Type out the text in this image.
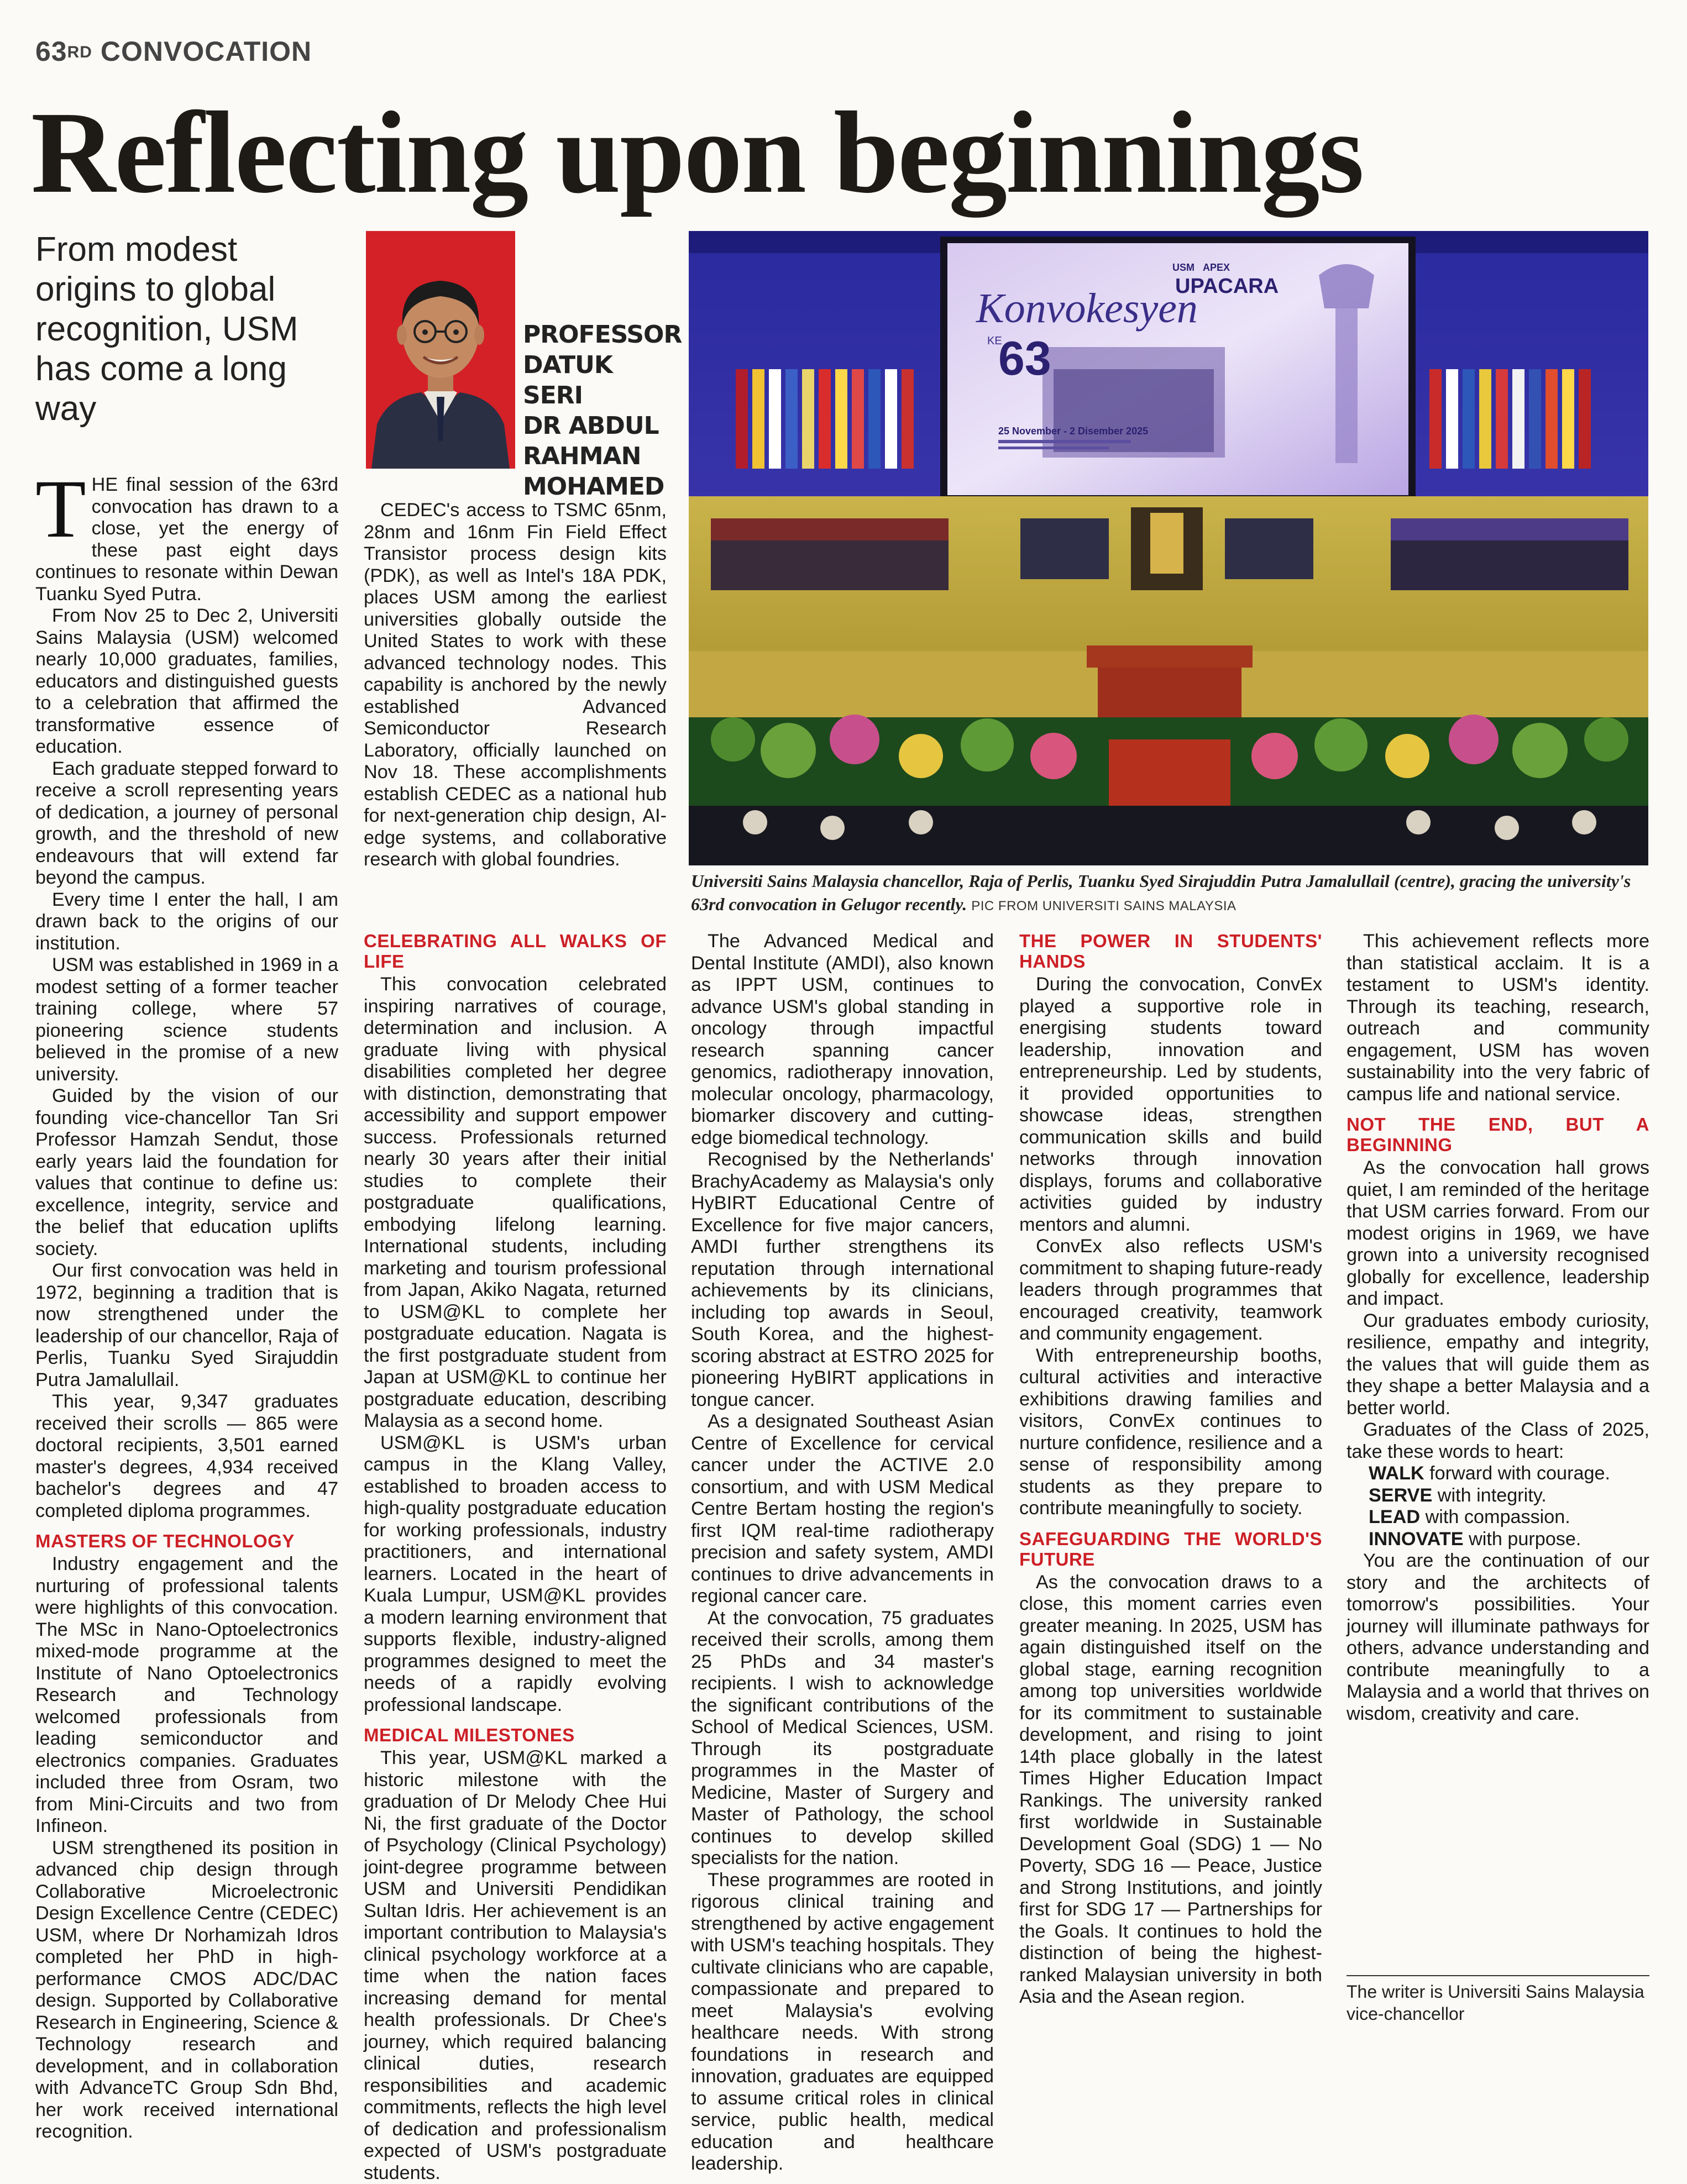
63RD CONVOCATION
Reflecting upon beginnings
From modest origins to global recognition, USM has come a long way
PROFESSOR
DATUK SERI
DR ABDUL
RAHMAN
MOHAMED
USM APEX
UPACARA
Konvokesyen
KE
63
25 November - 2 Disember 2025
Universiti Sains Malaysia chancellor, Raja of Perlis, Tuanku Syed Sirajuddin Putra Jamalullail (centre), gracing the university's 63rd convocation in Gelugor recently. PIC FROM UNIVERSITI SAINS MALAYSIA

THE final session of the 63rd convocation has drawn to a close, yet the energy of these past eight days continues to resonate within Dewan Tuanku Syed Putra.

From Nov 25 to Dec 2, Universiti Sains Malaysia (USM) welcomed nearly 10,000 graduates, families, educators and distinguished guests to a celebration that affirmed the transformative essence of education.

Each graduate stepped forward to receive a scroll representing years of dedication, a journey of personal growth, and the threshold of new endeavours that will extend far beyond the campus.

Every time I enter the hall, I am drawn back to the origins of our institution.

USM was established in 1969 in a modest setting of a former teacher training college, where 57 pioneering science students believed in the promise of a new university.

Guided by the vision of our founding vice-chancellor Tan Sri Professor Hamzah Sendut, those early years laid the foundation for values that continue to define us: excellence, integrity, service and the belief that education uplifts society.

Our first convocation was held in 1972, beginning a tradition that is now strengthened under the leadership of our chancellor, Raja of Perlis, Tuanku Syed Sirajuddin Putra Jamalullail.

This year, 9,347 graduates received their scrolls — 865 were doctoral recipients, 3,501 earned master's degrees, 4,934 received bachelor's degrees and 47 completed diploma programmes.

MASTERS OF TECHNOLOGY

Industry engagement and the nurturing of professional talents were highlights of this convocation. The MSc in Nano-Optoelectronics mixed-mode programme at the Institute of Nano Optoelectronics Research and Technology welcomed professionals from leading semiconductor and electronics companies. Graduates included three from Osram, two from Mini-Circuits and two from Infineon.

USM strengthened its position in advanced chip design through Collaborative Microelectronic Design Excellence Centre (CEDEC) USM, where Dr Norhamizah Idros completed her PhD in high-performance CMOS ADC/DAC design. Supported by Collaborative Research in Engineering, Science & Technology research and development, and in collaboration with AdvanceTC Group Sdn Bhd, her work received international recognition.

CEDEC's access to TSMC 65nm, 28nm and 16nm Fin Field Effect Transistor process design kits (PDK), as well as Intel's 18A PDK, places USM among the earliest universities globally outside the United States to work with these advanced technology nodes. This capability is anchored by the newly established Advanced Semiconductor Research Laboratory, officially launched on Nov 18. These accomplishments establish CEDEC as a national hub for next-generation chip design, AI-edge systems, and collaborative research with global foundries.

CELEBRATING ALL WALKS OF LIFE

This convocation celebrated inspiring narratives of courage, determination and inclusion. A graduate living with physical disabilities completed her degree with distinction, demonstrating that accessibility and support empower success. Professionals returned nearly 30 years after their initial studies to complete their postgraduate qualifications, embodying lifelong learning. International students, including marketing and tourism professional from Japan, Akiko Nagata, returned to USM@KL to complete her postgraduate education. Nagata is the first postgraduate student from Japan at USM@KL to continue her postgraduate education, describing Malaysia as a second home.

USM@KL is USM's urban campus in the Klang Valley, established to broaden access to high-quality postgraduate education for working professionals, industry practitioners, and international learners. Located in the heart of Kuala Lumpur, USM@KL provides a modern learning environment that supports flexible, industry-aligned programmes designed to meet the needs of a rapidly evolving professional landscape.

MEDICAL MILESTONES

This year, USM@KL marked a historic milestone with the graduation of Dr Melody Chee Hui Ni, the first graduate of the Doctor of Psychology (Clinical Psychology) joint-degree programme between USM and Universiti Pendidikan Sultan Idris. Her achievement is an important contribution to Malaysia's clinical psychology workforce at a time when the nation faces increasing demand for mental health professionals. Dr Chee's journey, which required balancing clinical duties, research responsibilities and academic commitments, reflects the high level of dedication and professionalism expected of USM's postgraduate students.

The Advanced Medical and Dental Institute (AMDI), also known as IPPT USM, continues to advance USM's global standing in oncology through impactful research spanning cancer genomics, radiotherapy innovation, molecular oncology, pharmacology, biomarker discovery and cutting-edge biomedical technology.

Recognised by the Netherlands' BrachyAcademy as Malaysia's only HyBIRT Educational Centre of Excellence for five major cancers, AMDI further strengthens its reputation through international achievements by its clinicians, including top awards in Seoul, South Korea, and the highest-scoring abstract at ESTRO 2025 for pioneering HyBIRT applications in tongue cancer.

As a designated Southeast Asian Centre of Excellence for cervical cancer under the ACTIVE 2.0 consortium, and with USM Medical Centre Bertam hosting the region's first IQM real-time radiotherapy precision and safety system, AMDI continues to drive advancements in regional cancer care.

At the convocation, 75 graduates received their scrolls, among them 25 PhDs and 34 master's recipients. I wish to acknowledge the significant contributions of the School of Medical Sciences, USM. Through its postgraduate programmes in the Master of Medicine, Master of Surgery and Master of Pathology, the school continues to develop skilled specialists for the nation.

These programmes are rooted in rigorous clinical training and strengthened by active engagement with USM's teaching hospitals. They cultivate clinicians who are capable, compassionate and prepared to meet Malaysia's evolving healthcare needs. With strong foundations in research and innovation, graduates are equipped to assume critical roles in clinical service, public health, medical education and healthcare leadership.

THE POWER IN STUDENTS' HANDS

During the convocation, ConvEx played a supportive role in energising students toward leadership, innovation and entrepreneurship. Led by students, it provided opportunities to showcase ideas, strengthen communication skills and build networks through innovation displays, forums and collaborative activities guided by industry mentors and alumni.

ConvEx also reflects USM's commitment to shaping future-ready leaders through programmes that encouraged creativity, teamwork and community engagement.

With entrepreneurship booths, cultural activities and interactive exhibitions drawing families and visitors, ConvEx continues to nurture confidence, resilience and a sense of responsibility among students as they prepare to contribute meaningfully to society.

SAFEGUARDING THE WORLD'S FUTURE

As the convocation draws to a close, this moment carries even greater meaning. In 2025, USM has again distinguished itself on the global stage, earning recognition among top universities worldwide for its commitment to sustainable development, and rising to joint 14th place globally in the latest Times Higher Education Impact Rankings. The university ranked first worldwide in Sustainable Development Goal (SDG) 1 — No Poverty, SDG 16 — Peace, Justice and Strong Institutions, and jointly first for SDG 17 — Partnerships for the Goals. It continues to hold the distinction of being the highest-ranked Malaysian university in both Asia and the Asean region.

This achievement reflects more than statistical acclaim. It is a testament to USM's identity. Through its teaching, research, outreach and community engagement, USM has woven sustainability into the very fabric of campus life and national service.

NOT THE END, BUT A BEGINNING

As the convocation hall grows quiet, I am reminded of the heritage that USM carries forward. From our modest origins in 1969, we have grown into a university recognised globally for excellence, leadership and impact.

Our graduates embody curiosity, resilience, empathy and integrity, the values that will guide them as they shape a better Malaysia and a better world.

Graduates of the Class of 2025, take these words to heart:

WALK forward with courage.

SERVE with integrity.

LEAD with compassion.

INNOVATE with purpose.

You are the continuation of our story and the architects of tomorrow's possibilities. Your journey will illuminate pathways for others, advance understanding and contribute meaningfully to a Malaysia and a world that thrives on wisdom, creativity and care.

The writer is Universiti Sains Malaysia vice-chancellor
